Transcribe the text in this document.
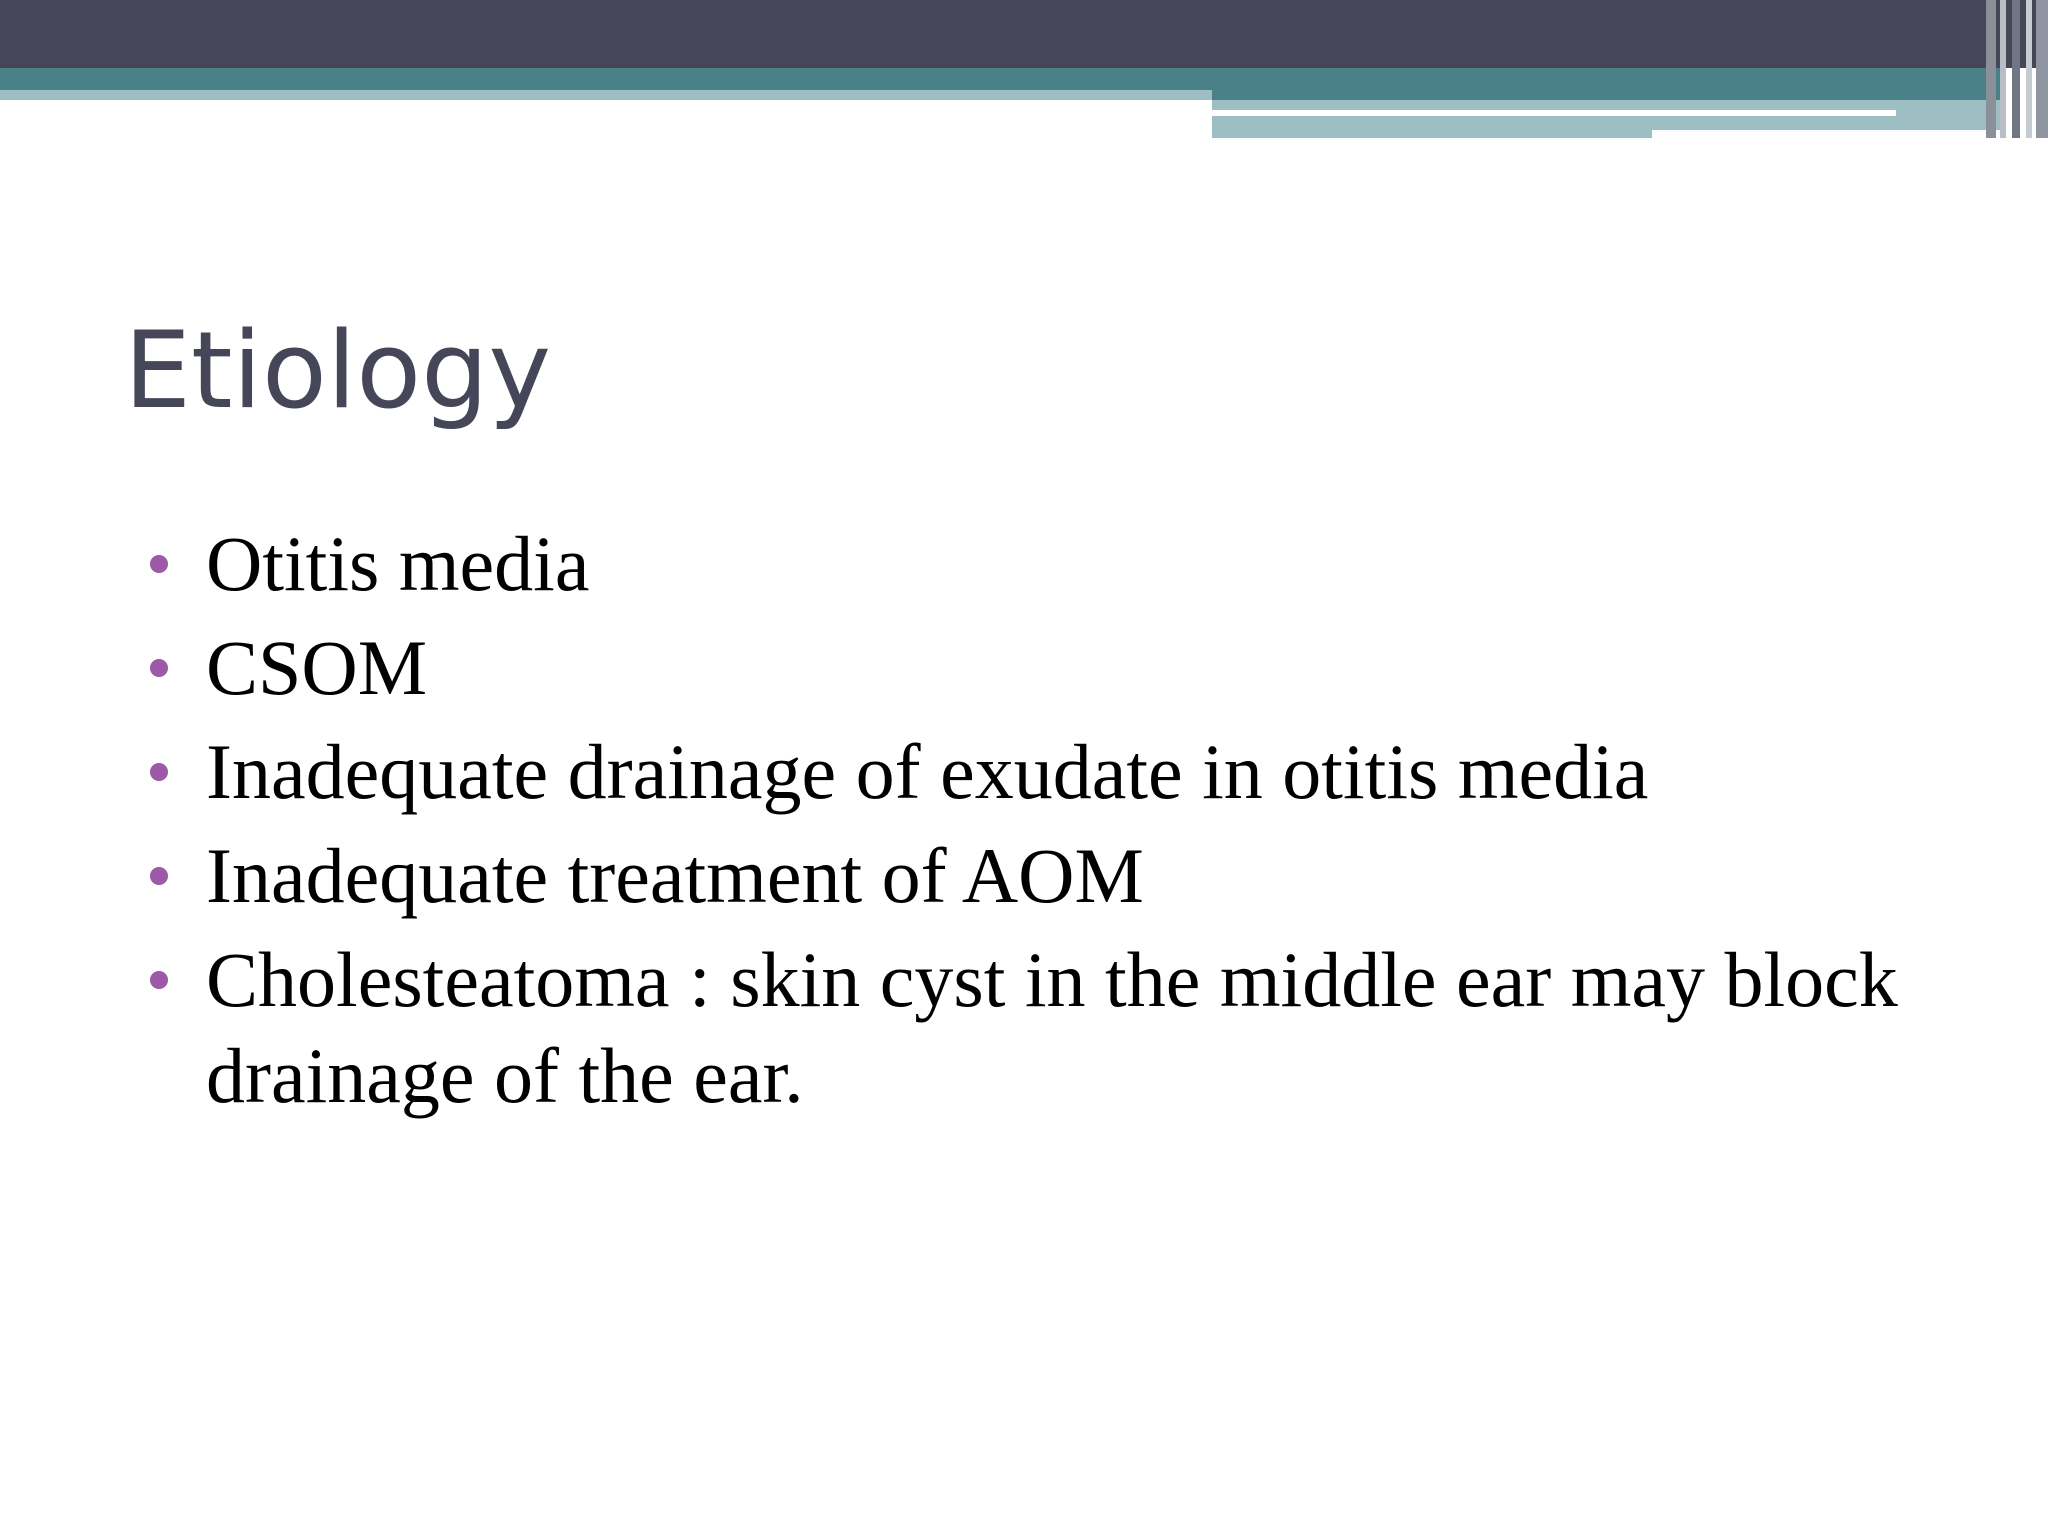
Etiology
Otitis media
CSOM
Inadequate drainage of exudate in otitis media
Inadequate treatment of AOM
Cholesteatoma : skin cyst in the middle ear may block drainage of the ear.
